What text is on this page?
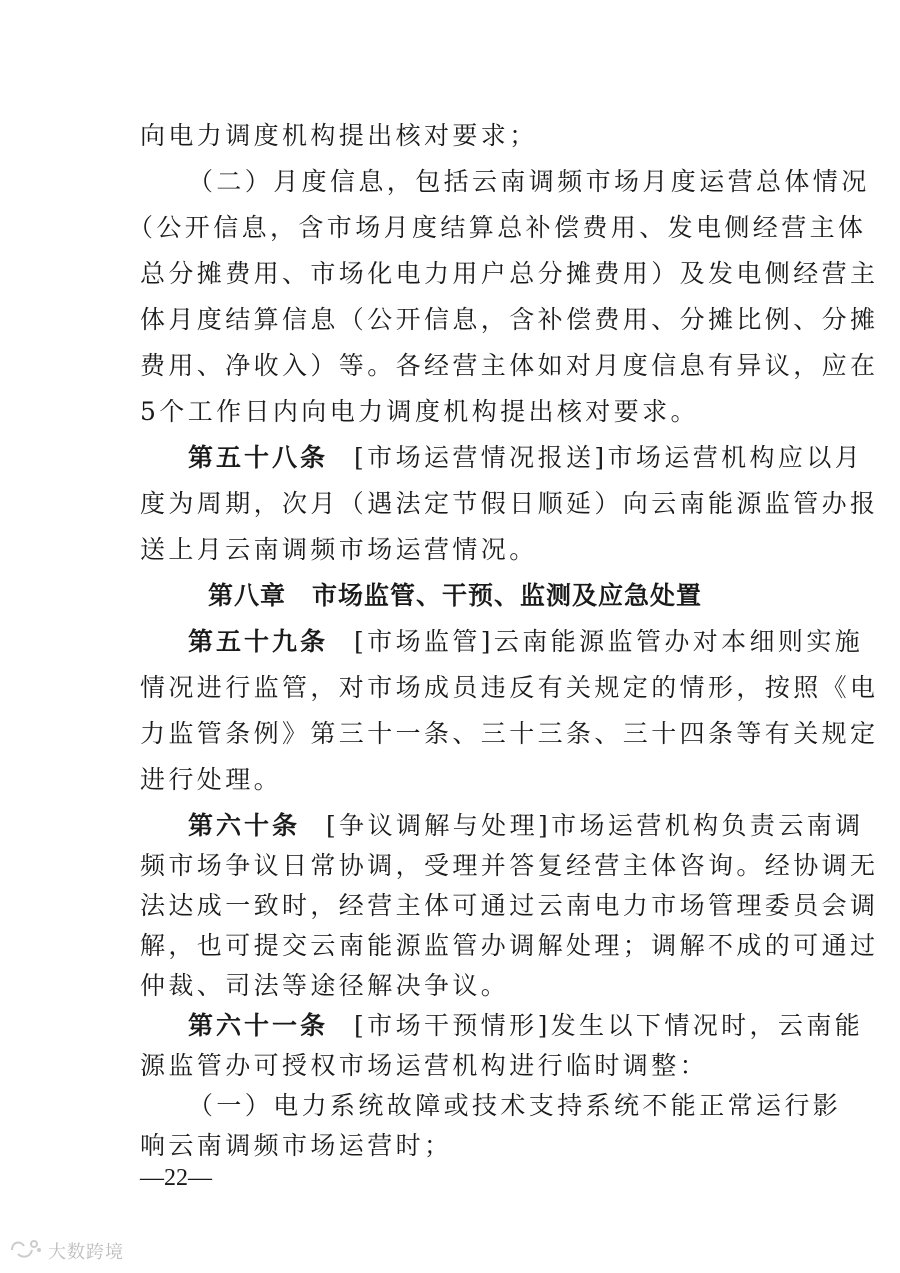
向电力调度机构提出核对要求；
（二）月度信息，包括云南调频市场月度运营总体情况
（公开信息，含市场月度结算总补偿费用、发电侧经营主体
总分摊费用、市场化电力用户总分摊费用）及发电侧经营主
体月度结算信息（公开信息，含补偿费用、分摊比例、分摊
费用、净收入）等。各经营主体如对月度信息有异议，应在
5个工作日内向电力调度机构提出核对要求。
第五十八条 [市场运营情况报送]市场运营机构应以月
度为周期，次月（遇法定节假日顺延）向云南能源监管办报
送上月云南调频市场运营情况。
第八章　市场监管、干预、监测及应急处置
第五十九条 [市场监管]云南能源监管办对本细则实施
情况进行监管，对市场成员违反有关规定的情形，按照《电
力监管条例》第三十一条、三十三条、三十四条等有关规定
进行处理。
第六十条 [争议调解与处理]市场运营机构负责云南调
频市场争议日常协调，受理并答复经营主体咨询。经协调无
法达成一致时，经营主体可通过云南电力市场管理委员会调
解，也可提交云南能源监管办调解处理；调解不成的可通过
仲裁、司法等途径解决争议。
第六十一条 [市场干预情形]发生以下情况时，云南能
源监管办可授权市场运营机构进行临时调整：
（一）电力系统故障或技术支持系统不能正常运行影
—22—
大数跨境
响云南调频市场运营时；
